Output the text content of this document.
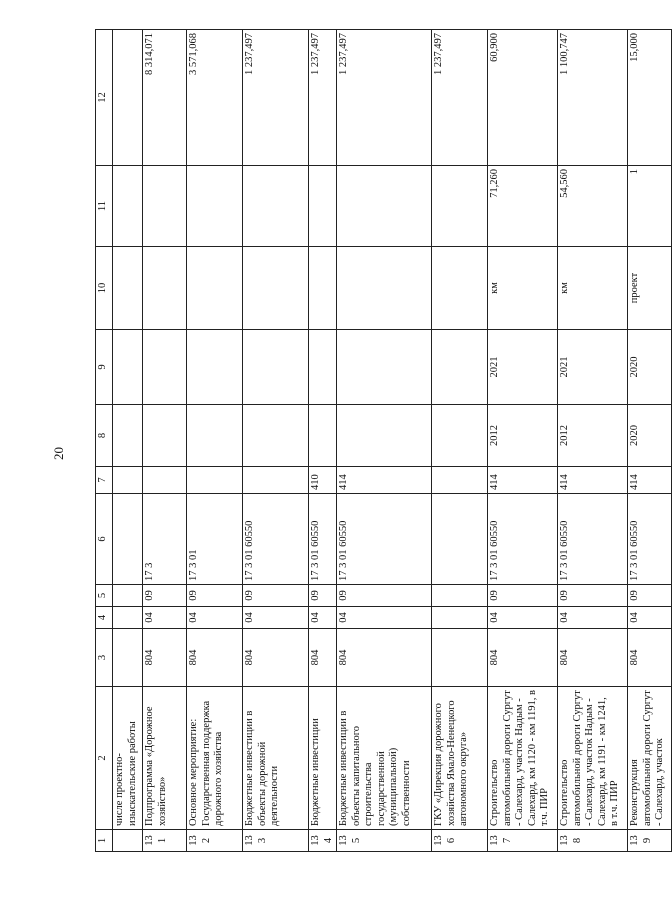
20
1	2	3	4	5	6	7	8	9	10	11	12
	числе проектно-изыскательские работы										
131	Подпрограмма «Дорожное хозяйство»	804	04	09	17 3						8 314,071
132	Основное мероприятие: Государственная поддержка дорожного хозяйства	804	04	09	17 3 01						3 571,068
133	Бюджетные инвестиции в объекты дорожной деятельности	804	04	09	17 3 01 60550						1 237,497
134	Бюджетные инвестиции	804	04	09	17 3 01 60550	410					1 237,497
135	Бюджетные инвестиции в объекты капитального строительства государственной (муниципальной) собственности	804	04	09	17 3 01 60550	414					1 237,497
136	ГКУ «Дирекция дорожного хозяйства Ямало-Ненецкого автономного округа»										1 237,497
137	Строительство автомобильной дороги Сургут - Салехард, участок Надым - Салехард, км 1120 - км 1191, в т.ч. ПИР	804	04	09	17 3 01 60550	414	2012	2021	км	71,260	60,900
138	Строительство автомобильной дороги Сургут - Салехард, участок Надым - Салехард, км 1191 - км 1241, в т.ч. ПИР	804	04	09	17 3 01 60550	414	2012	2021	км	54,560	1 100,747
139	Реконструкция автомобильной дороги Сургут - Салехард, участок	804	04	09	17 3 01 60550	414	2020	2020	проект	1	15,000
